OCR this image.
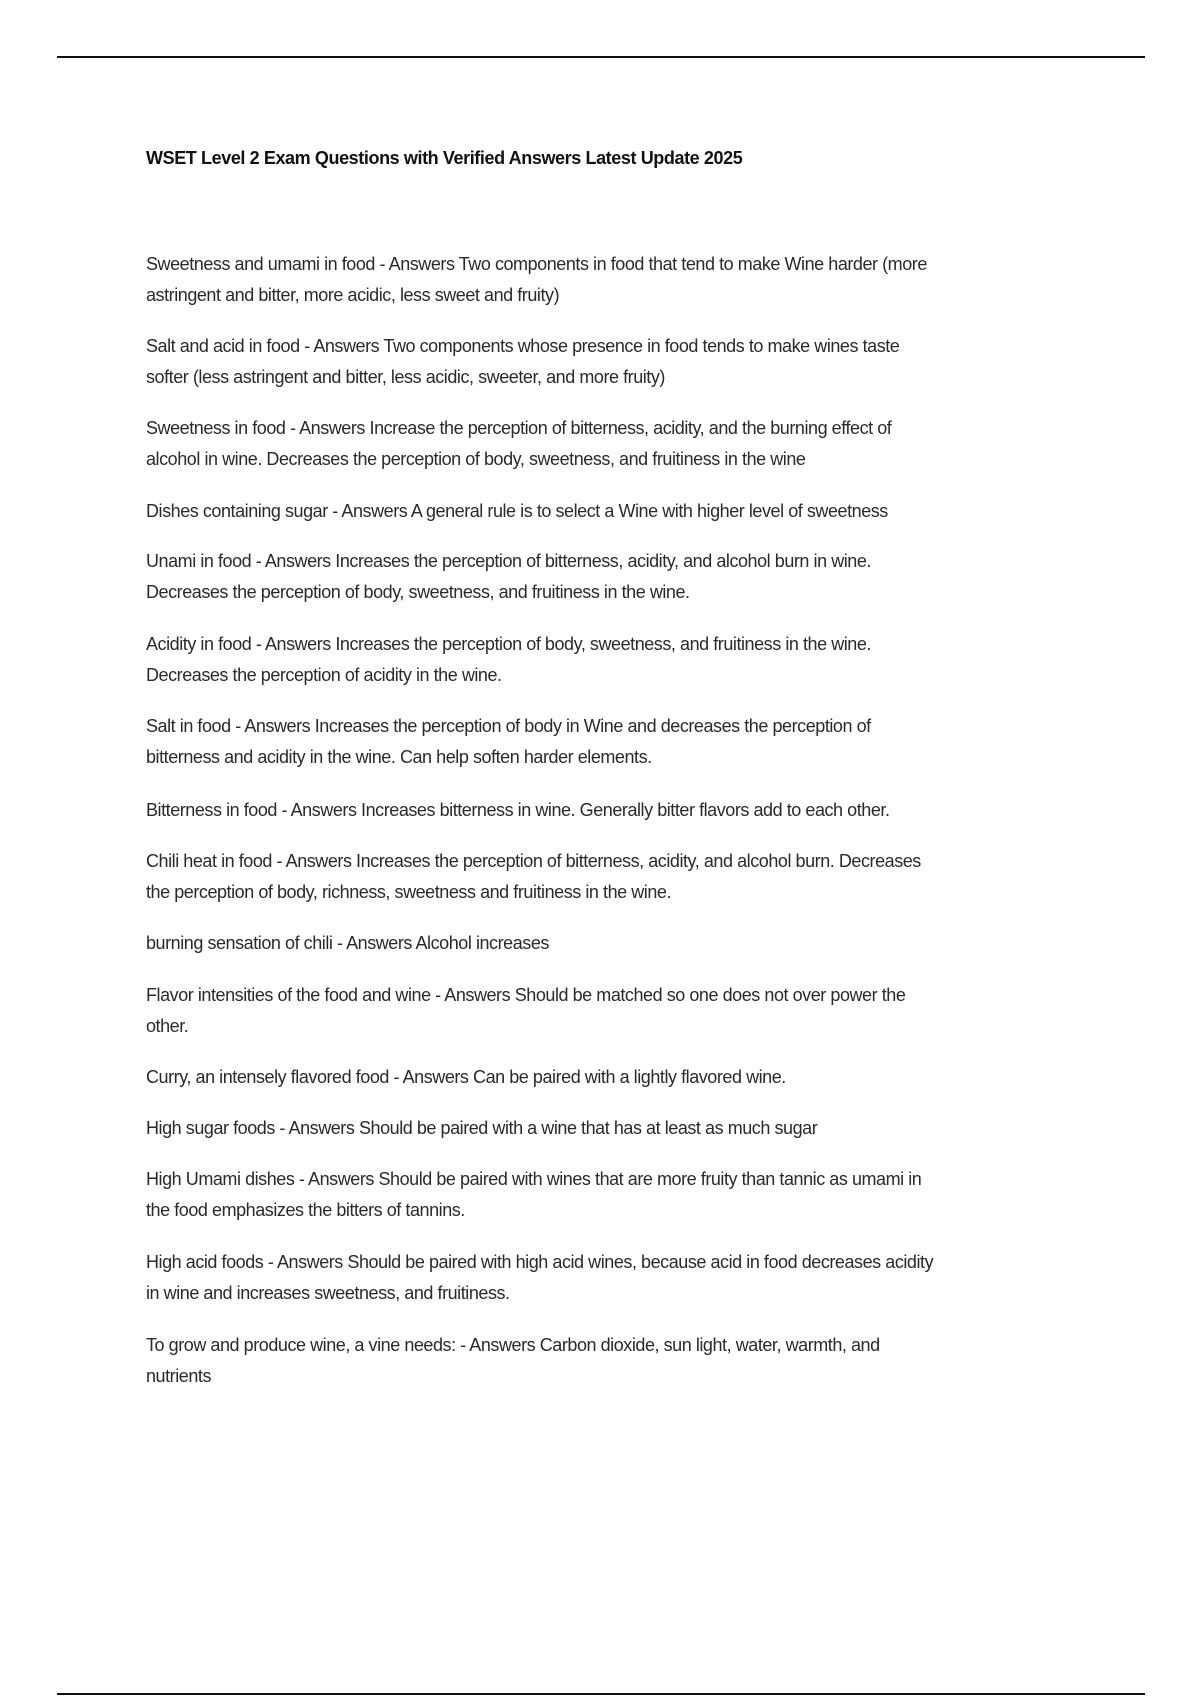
WSET Level 2 Exam Questions with Verified Answers Latest Update 2025
Sweetness and umami in food - Answers Two components in food that tend to make Wine harder (more
astringent and bitter, more acidic, less sweet and fruity)
Salt and acid in food - Answers Two components whose presence in food tends to make wines taste
softer (less astringent and bitter, less acidic, sweeter, and more fruity)
Sweetness in food - Answers Increase the perception of bitterness, acidity, and the burning effect of
alcohol in wine. Decreases the perception of body, sweetness, and fruitiness in the wine
Dishes containing sugar - Answers A general rule is to select a Wine with higher level of sweetness
Unami in food - Answers Increases the perception of bitterness, acidity, and alcohol burn in wine.
Decreases the perception of body, sweetness, and fruitiness in the wine.
Acidity in food - Answers Increases the perception of body, sweetness, and fruitiness in the wine.
Decreases the perception of acidity in the wine.
Salt in food - Answers Increases the perception of body in Wine and decreases the perception of
bitterness and acidity in the wine. Can help soften harder elements.
Bitterness in food - Answers Increases bitterness in wine. Generally bitter flavors add to each other.
Chili heat in food - Answers Increases the perception of bitterness, acidity, and alcohol burn. Decreases
the perception of body, richness, sweetness and fruitiness in the wine.
burning sensation of chili - Answers Alcohol increases
Flavor intensities of the food and wine - Answers Should be matched so one does not over power the
other.
Curry, an intensely flavored food - Answers Can be paired with a lightly flavored wine.
High sugar foods - Answers Should be paired with a wine that has at least as much sugar
High Umami dishes - Answers Should be paired with wines that are more fruity than tannic as umami in
the food emphasizes the bitters of tannins.
High acid foods - Answers Should be paired with high acid wines, because acid in food decreases acidity
in wine and increases sweetness, and fruitiness.
To grow and produce wine, a vine needs: - Answers Carbon dioxide, sun light, water, warmth, and
nutrients
